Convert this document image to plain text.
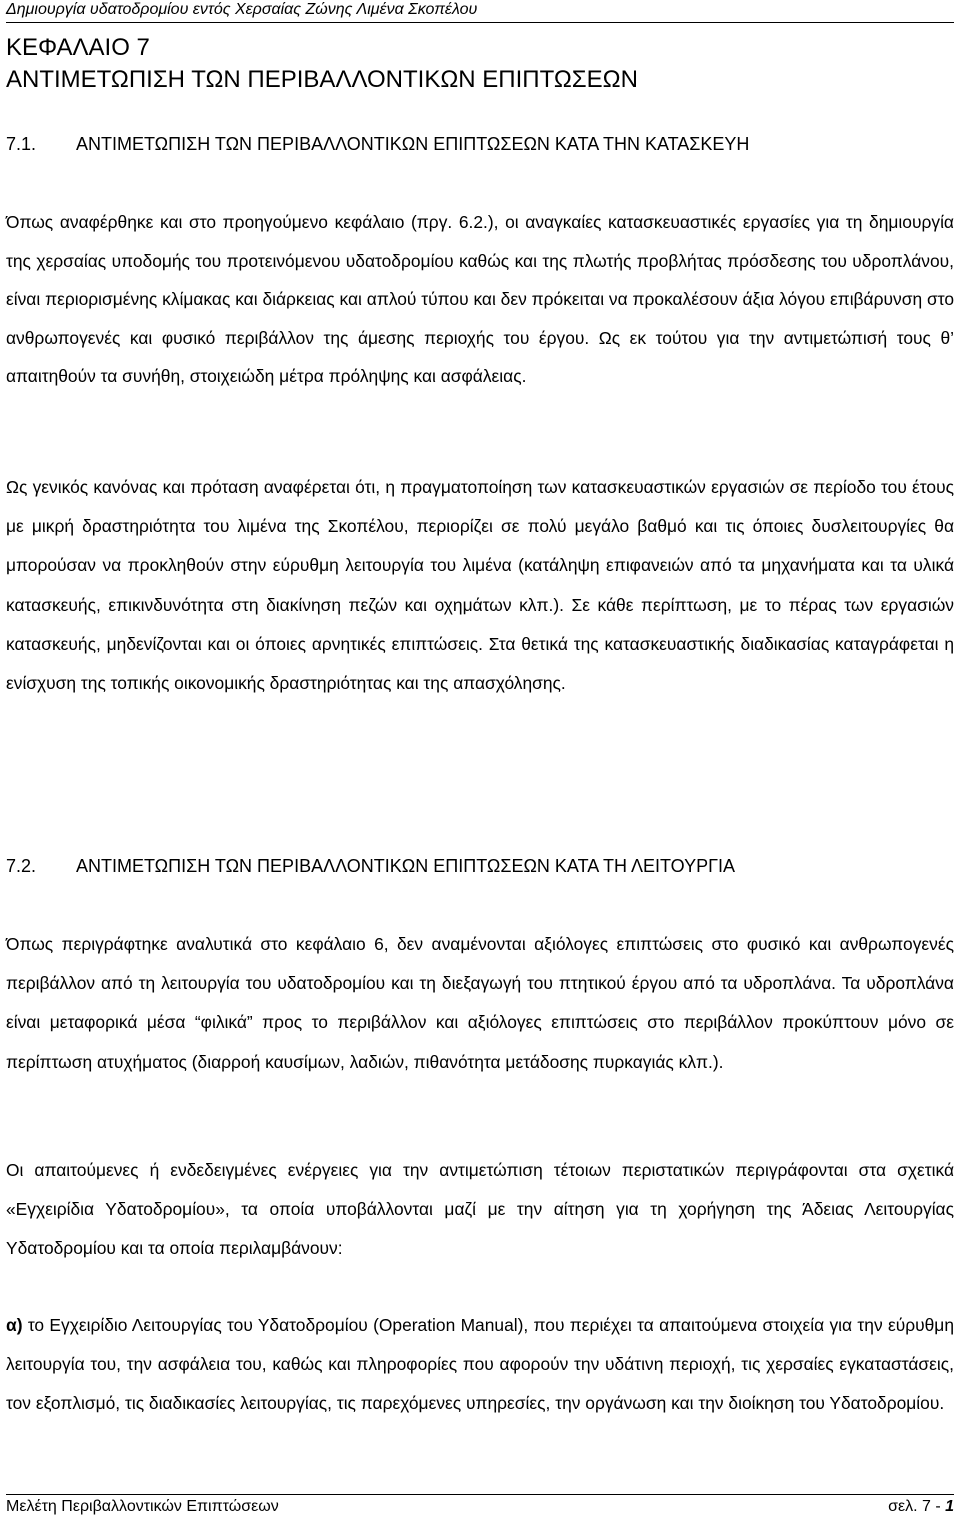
Δημιουργία υδατοδρομίου εντός Χερσαίας Ζώνης Λιμένα Σκοπέλου
ΚΕΦΑΛΑΙΟ 7
ΑΝΤΙΜΕΤΩΠΙΣΗ ΤΩΝ ΠΕΡΙΒΑΛΛΟΝΤΙΚΩΝ ΕΠΙΠΤΩΣΕΩΝ
7.1. ΑΝΤΙΜΕΤΩΠΙΣΗ ΤΩΝ ΠΕΡΙΒΑΛΛΟΝΤΙΚΩΝ ΕΠΙΠΤΩΣΕΩΝ ΚΑΤΑ ΤΗΝ ΚΑΤΑΣΚΕΥΗ

Όπως αναφέρθηκε και στο προηγούμενο κεφάλαιο (πργ. 6.2.), οι αναγκαίες κατασκευαστικές εργασίες για τη δημιουργία της χερσαίας υποδομής του προτεινόμενου υδατοδρομίου καθώς και της πλωτής προβλήτας πρόσδεσης του υδροπλάνου, είναι περιορισμένης κλίμακας και διάρκειας και απλού τύπου και δεν πρόκειται να προκαλέσουν άξια λόγου επιβάρυνση στο ανθρωπογενές και φυσικό περιβάλλον της άμεσης περιοχής του έργου. Ως εκ τούτου για την αντιμετώπισή τους θ’ απαιτηθούν τα συνήθη, στοιχειώδη μέτρα πρόληψης και ασφάλειας.

Ως γενικός κανόνας και πρόταση αναφέρεται ότι, η πραγματοποίηση των κατασκευαστικών εργασιών σε περίοδο του έτους με μικρή δραστηριότητα του λιμένα της Σκοπέλου, περιορίζει σε πολύ μεγάλο βαθμό και τις όποιες δυσλειτουργίες θα μπορούσαν να προκληθούν στην εύρυθμη λειτουργία του λιμένα (κατάληψη επιφανειών από τα μηχανήματα και τα υλικά κατασκευής, επικινδυνότητα στη διακίνηση πεζών και οχημάτων κλπ.). Σε κάθε περίπτωση, με το πέρας των εργασιών κατασκευής, μηδενίζονται και οι όποιες αρνητικές επιπτώσεις. Στα θετικά της κατασκευαστικής διαδικασίας καταγράφεται η ενίσχυση της τοπικής οικονομικής δραστηριότητας και της απασχόλησης.

7.2. ΑΝΤΙΜΕΤΩΠΙΣΗ ΤΩΝ ΠΕΡΙΒΑΛΛΟΝΤΙΚΩΝ ΕΠΙΠΤΩΣΕΩΝ ΚΑΤΑ ΤΗ ΛΕΙΤΟΥΡΓΙΑ

Όπως περιγράφτηκε αναλυτικά στο κεφάλαιο 6, δεν αναμένονται αξιόλογες επιπτώσεις στο φυσικό και ανθρωπογενές περιβάλλον από τη λειτουργία του υδατοδρομίου και τη διεξαγωγή του πτητικού έργου από τα υδροπλάνα. Τα υδροπλάνα είναι μεταφορικά μέσα “φιλικά” προς το περιβάλλον και αξιόλογες επιπτώσεις στο περιβάλλον προκύπτουν μόνο σε περίπτωση ατυχήματος (διαρροή καυσίμων, λαδιών, πιθανότητα μετάδοσης πυρκαγιάς κλπ.).

Οι απαιτούμενες ή ενδεδειγμένες ενέργειες για την αντιμετώπιση τέτοιων περιστατικών περιγράφονται στα σχετικά «Εγχειρίδια Υδατοδρομίου», τα οποία υποβάλλονται μαζί με την αίτηση για τη χορήγηση της Άδειας Λειτουργίας Υδατοδρομίου και τα οποία περιλαμβάνουν:

α) το Εγχειρίδιο Λειτουργίας του Υδατοδρομίου (Operation Manual), που περιέχει τα απαιτούμενα στοιχεία για την εύρυθμη λειτουργία του, την ασφάλεια του, καθώς και πληροφορίες που αφορούν την υδάτινη περιοχή, τις χερσαίες εγκαταστάσεις, τον εξοπλισμό, τις διαδικασίες λειτουργίας, τις παρεχόμενες υπηρεσίες, την οργάνωση και την διοίκηση του Υδατοδρομίου.

Μελέτη Περιβαλλοντικών Επιπτώσεων	σελ. 7 - 1
